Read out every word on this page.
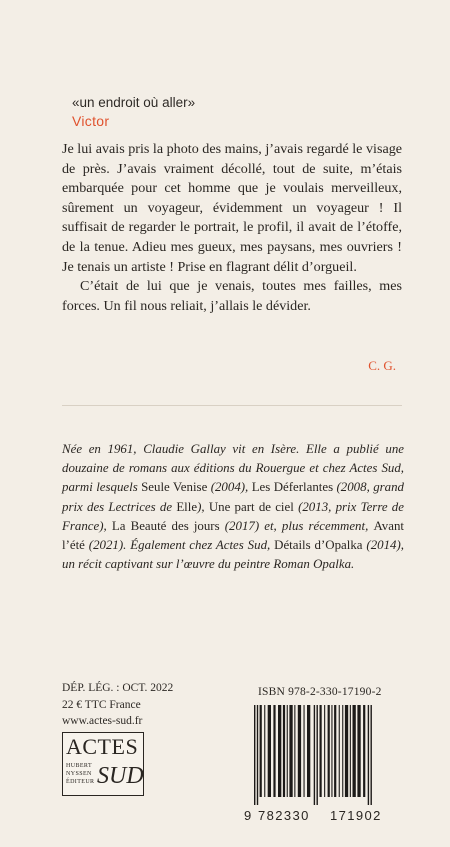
«un endroit où aller»
Victor

Je lui avais pris la photo des mains, j’avais regardé le visage de près. J’avais vraiment décollé, tout de suite, m’étais embarquée pour cet homme que je voulais merveilleux, sûrement un voyageur, évidemment un voyageur ! Il suffisait de regarder le portrait, le profil, il avait de l’étoffe, de la tenue. Adieu mes gueux, mes paysans, mes ouvriers ! Je tenais un artiste ! Prise en flagrant délit d’orgueil.

C’était de lui que je venais, toutes mes failles, mes forces. Un fil nous reliait, j’allais le dévider.

C. G.
Née en 1961, Claudie Gallay vit en Isère. Elle a publié une douzaine de romans aux éditions du Rouergue et chez Actes Sud, parmi lesquels Seule Venise (2004), Les Déferlantes (2008, grand prix des Lectrices de Elle), Une part de ciel (2013, prix Terre de France), La Beauté des jours (2017) et, plus récemment, Avant l’été (2021). Également chez Actes Sud, Détails d’Opalka (2014), un récit captivant sur l’œuvre du peintre Roman Opalka.
DÉP. LÉG. : OCT. 2022
22 € TTC France
www.actes-sud.fr
ACTES
HUBERT
NYSSEN
ÉDITEUR SUD
ISBN 978-2-330-17190-2
9 782330 171902
